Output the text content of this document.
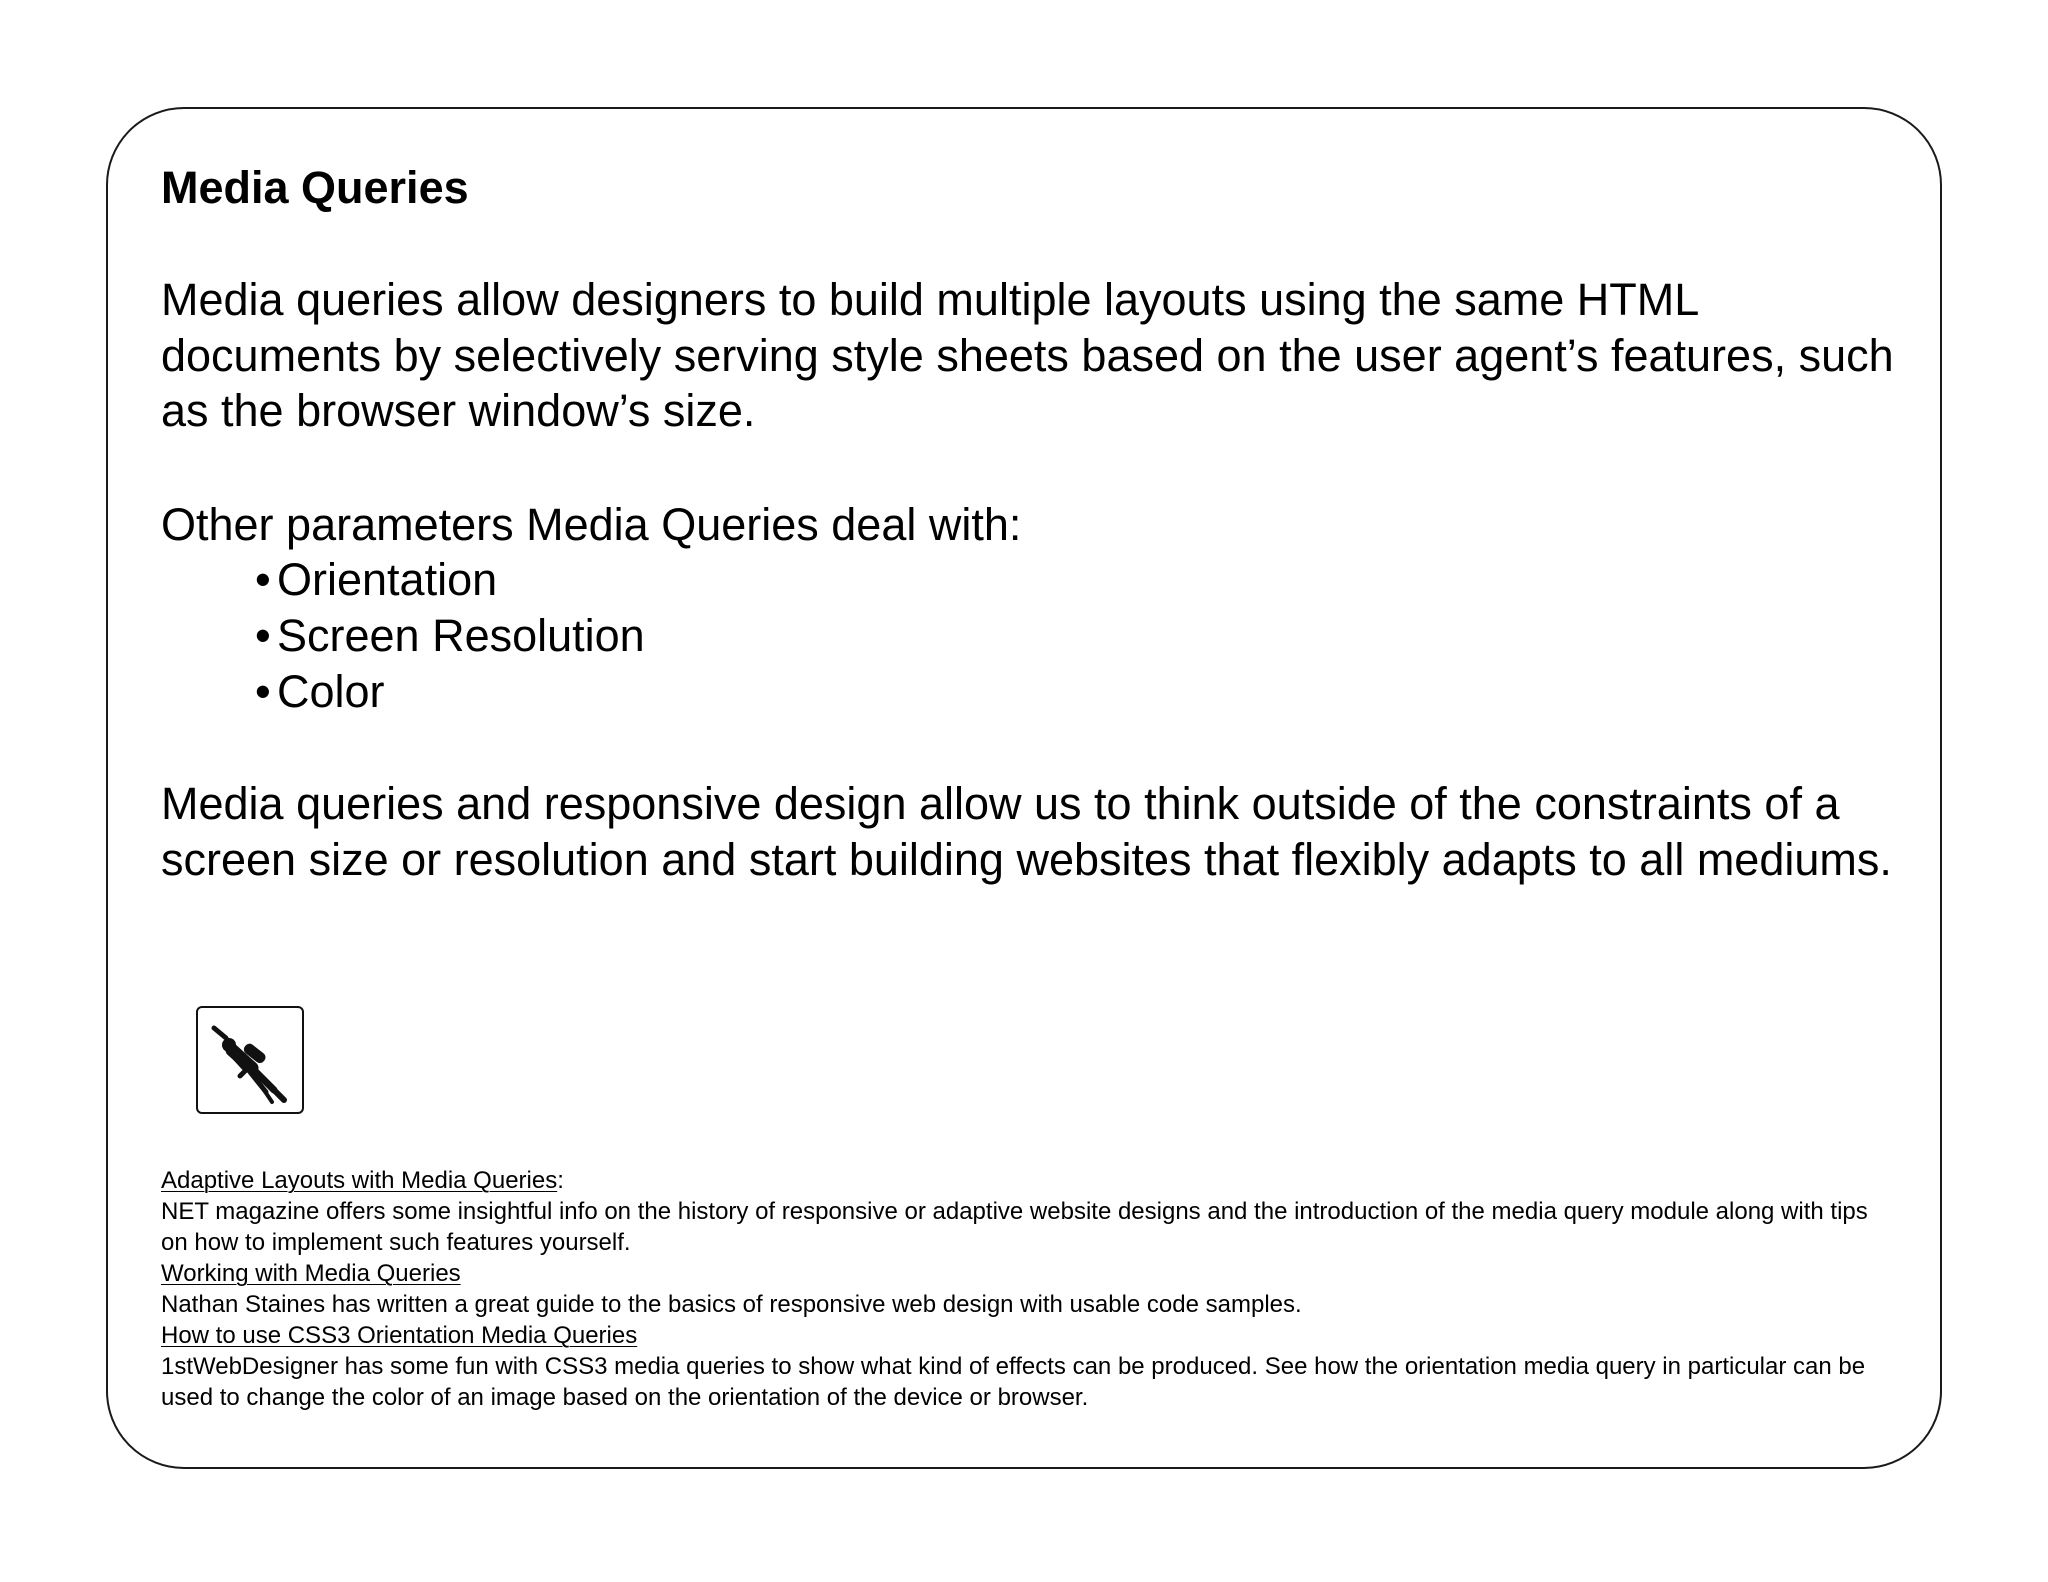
Media Queries

Media queries allow designers to build multiple layouts using the same HTML documents by selectively serving style sheets based on the user agent’s features, such as the browser window’s size.

Other parameters Media Queries deal with:

• Orientation
• Screen Resolution
• Color

Media queries and responsive design allow us to think outside of the constraints of a screen size or resolution and start building websites that flexibly adapts to all mediums.

Adaptive Layouts with Media Queries:
NET magazine offers some insightful info on the history of responsive or adaptive website designs and the introduction of the media query module along with tips on how to implement such features yourself.
Working with Media Queries
Nathan Staines has written a great guide to the basics of responsive web design with usable code samples.
How to use CSS3 Orientation Media Queries
1stWebDesigner has some fun with CSS3 media queries to show what kind of effects can be produced. See how the orientation media query in particular can be used to change the color of an image based on the orientation of the device or browser.
